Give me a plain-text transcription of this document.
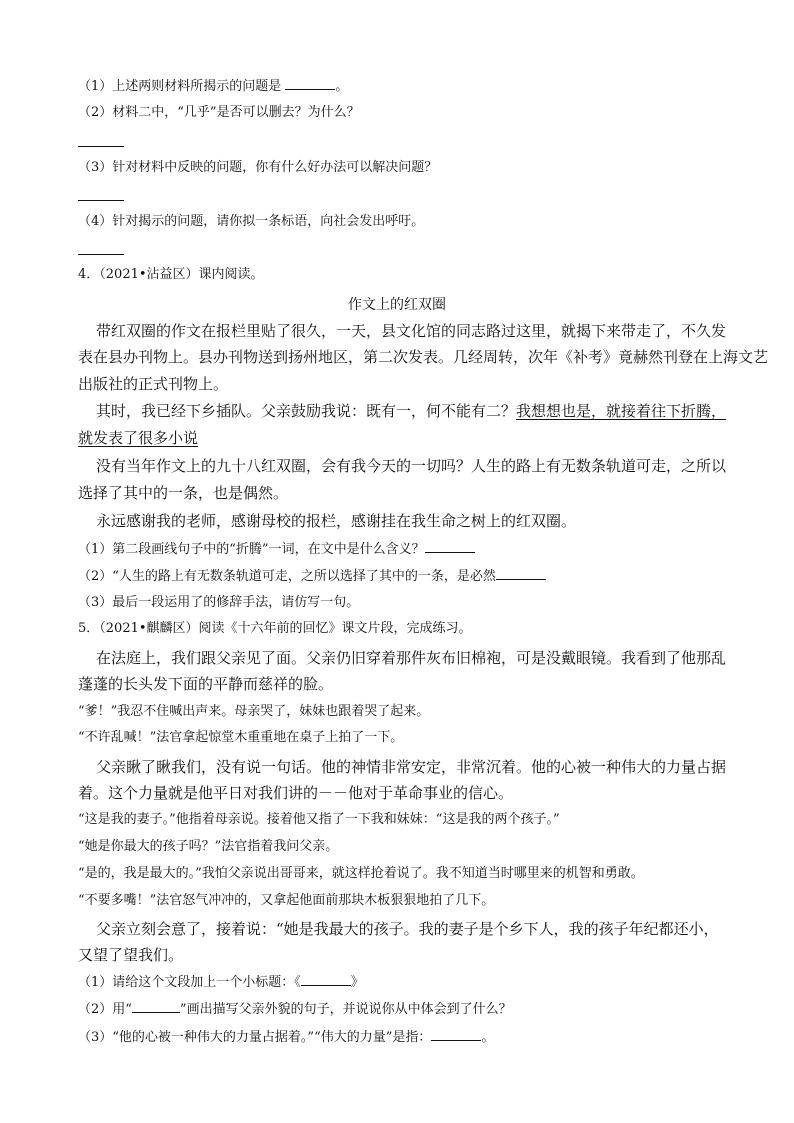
（1）上述两则材料所揭示的问题是	。
（2）材料二中，“几乎”是否可以删去？为什么？
（3）针对材料中反映的问题，你有什么好办法可以解决问题？
（4）针对揭示的问题，请你拟一条标语，向社会发出呼吁。
4．（2021•沾益区）课内阅读。
作文上的红双圈
带红双圈的作文在报栏里贴了很久，一天，县文化馆的同志路过这里，就揭下来带走了，不久发
表在县办刊物上。县办刊物送到扬州地区，第二次发表。几经周转，次年《补考》竟赫然刊登在上海文艺
出版社的正式刊物上。
其时，我已经下乡插队。父亲鼓励我说：既有一，何不能有二？我想想也是，就接着往下折腾，
就发表了很多小说
没有当年作文上的九十八红双圈，会有我今天的一切吗？人生的路上有无数条轨道可走，之所以
选择了其中的一条，也是偶然。
永远感谢我的老师，感谢母校的报栏，感谢挂在我生命之树上的红双圈。
（1）第二段画线句子中的“折腾”一词，在文中是什么含义？
（2）“人生的路上有无数条轨道可走，之所以选择了其中的一条，是必然
（3）最后一段运用了的修辞手法，请仿写一句。
5．（2021•麒麟区）阅读《十六年前的回忆》课文片段，完成练习。
在法庭上，我们跟父亲见了面。父亲仍旧穿着那件灰布旧棉袍，可是没戴眼镜。我看到了他那乱
蓬蓬的长头发下面的平静而慈祥的脸。
“爹！”我忍不住喊出声来。母亲哭了，妹妹也跟着哭了起来。
“不许乱喊！”法官拿起惊堂木重重地在桌子上拍了一下。
父亲瞅了瞅我们，没有说一句话。他的神情非常安定，非常沉着。他的心被一种伟大的力量占据
着。这个力量就是他平日对我们讲的－－他对于革命事业的信心。
“这是我的妻子。”他指着母亲说。接着他又指了一下我和妹妹：“这是我的两个孩子。”
“她是你最大的孩子吗？”法官指着我问父亲。
“是的，我是最大的。”我怕父亲说出哥哥来，就这样抢着说了。我不知道当时哪里来的机智和勇敢。
“不要多嘴！”法官怒气冲冲的，又拿起他面前那块木板狠狠地拍了几下。
父亲立刻会意了，接着说：“她是我最大的孩子。我的妻子是个乡下人，我的孩子年纪都还小，
又望了望我们。
（1）请给这个文段加上一个小标题：《	》
（2）用“	”画出描写父亲外貌的句子，并说说你从中体会到了什么？
（3）“他的心被一种伟大的力量占据着。”“伟大的力量”是指：	。
